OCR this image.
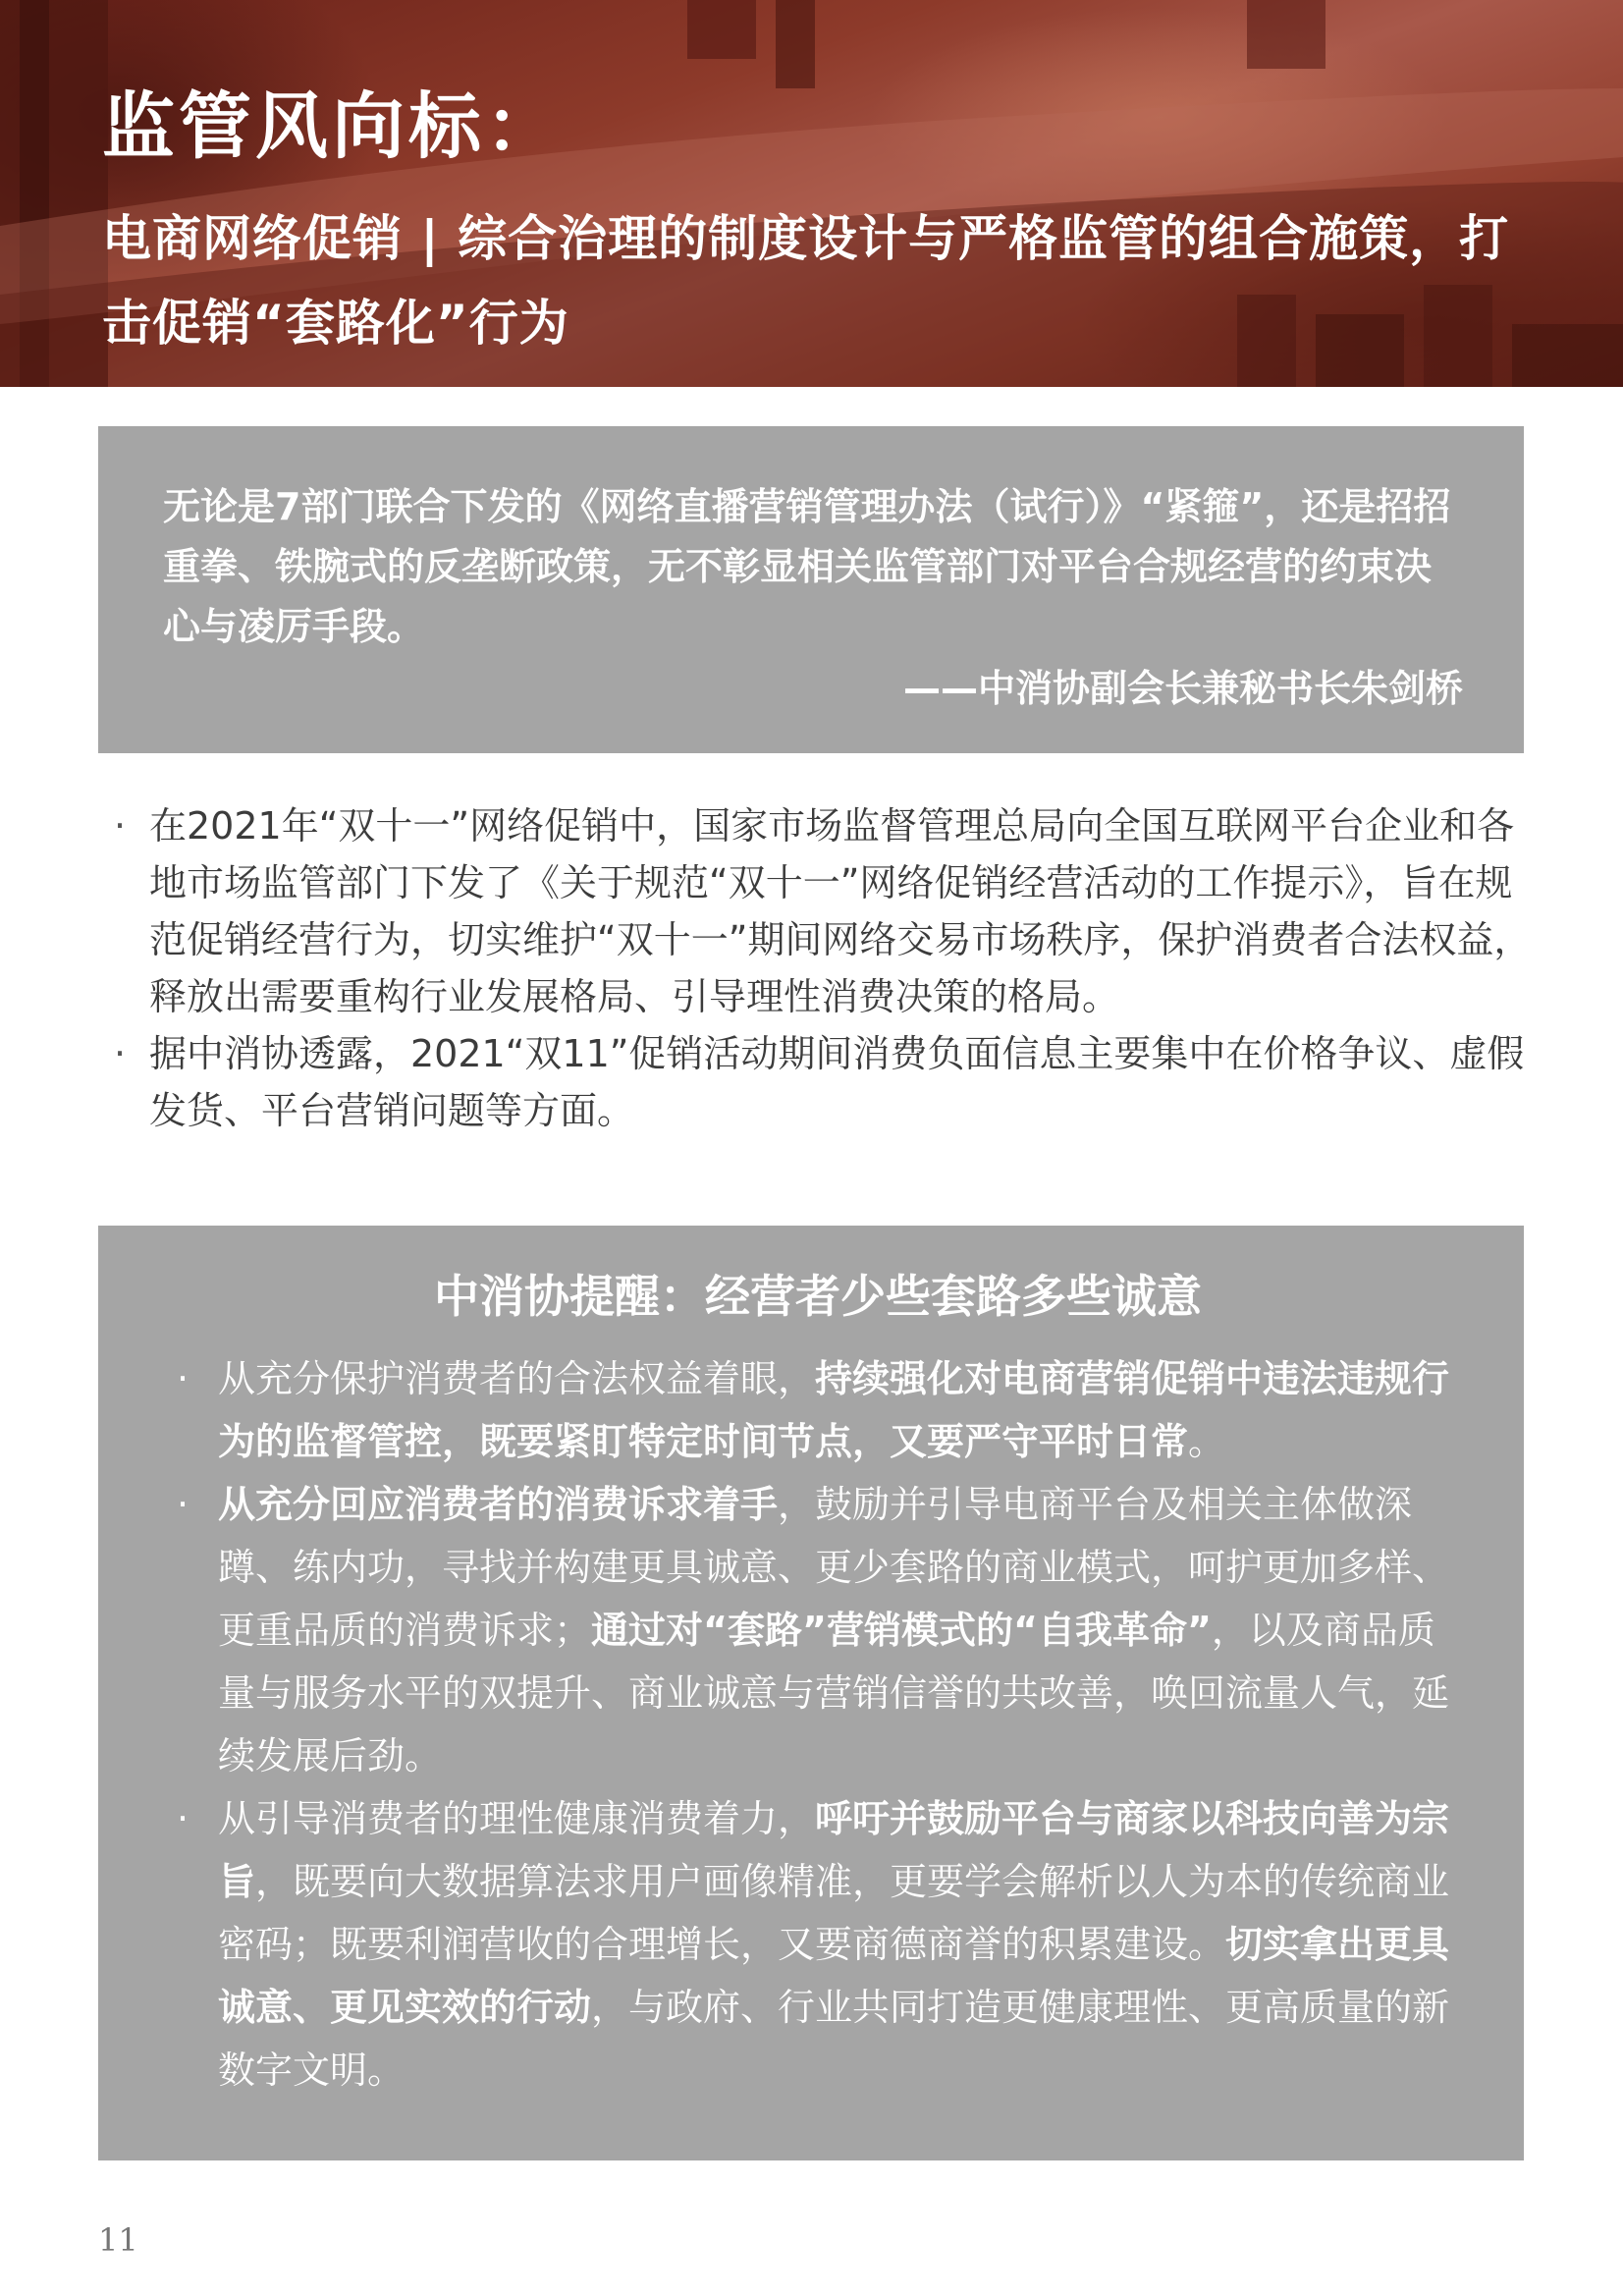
监管风向标：
电商网络促销 | 综合治理的制度设计与严格监管的组合施策，打击促销“套路化”行为

无论是7部门联合下发的《网络直播营销管理办法（试行）》“紧箍”，还是招招重拳、铁腕式的反垄断政策，无不彰显相关监管部门对平台合规经营的约束决心与凌厉手段。

——中消协副会长兼秘书长朱剑桥

· 在2021年“双十一”网络促销中，国家市场监督管理总局向全国互联网平台企业和各地市场监管部门下发了《关于规范“双十一”网络促销经营活动的工作提示》，旨在规范促销经营行为，切实维护“双十一”期间网络交易市场秩序，保护消费者合法权益，释放出需要重构行业发展格局、引导理性消费决策的格局。
· 据中消协透露，2021“双11”促销活动期间消费负面信息主要集中在价格争议、虚假发货、平台营销问题等方面。
中消协提醒：经营者少些套路多些诚意
· 从充分保护消费者的合法权益着眼，持续强化对电商营销促销中违法违规行为的监督管控，既要紧盯特定时间节点，又要严守平时日常。
· 从充分回应消费者的消费诉求着手，鼓励并引导电商平台及相关主体做深蹲、练内功，寻找并构建更具诚意、更少套路的商业模式，呵护更加多样、更重品质的消费诉求；通过对“套路”营销模式的“自我革命”，以及商品质量与服务水平的双提升、商业诚意与营销信誉的共改善，唤回流量人气，延续发展后劲。
· 从引导消费者的理性健康消费着力，呼吁并鼓励平台与商家以科技向善为宗旨，既要向大数据算法求用户画像精准，更要学会解析以人为本的传统商业密码；既要利润营收的合理增长，又要商德商誉的积累建设。切实拿出更具诚意、更见实效的行动，与政府、行业共同打造更健康理性、更高质量的新数字文明。
11
